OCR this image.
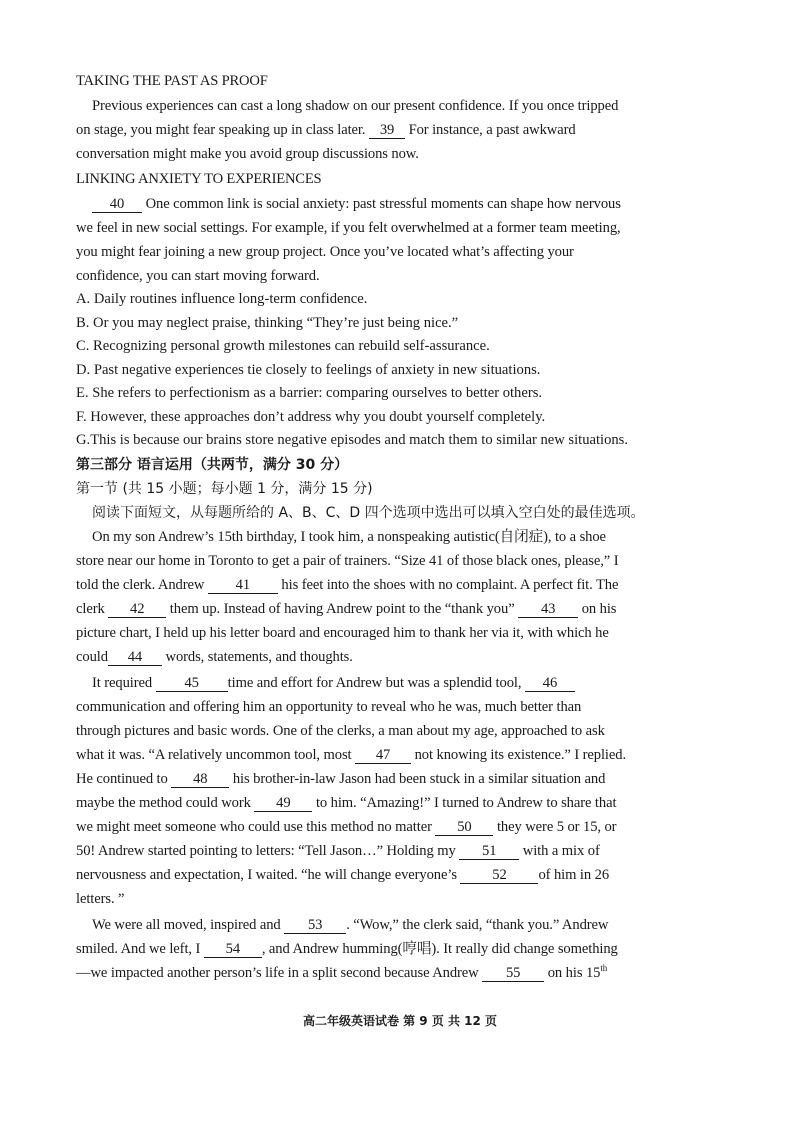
TAKING THE PAST AS PROOF
Previous experiences can cast a long shadow on our present confidence. If you once tripped
on stage, you might fear speaking up in class later. 39 For instance, a past awkward
conversation might make you avoid group discussions now.
LINKING ANXIETY TO EXPERIENCES
40 One common link is social anxiety: past stressful moments can shape how nervous
we feel in new social settings. For example, if you felt overwhelmed at a former team meeting,
you might fear joining a new group project. Once you’ve located what’s affecting your
confidence, you can start moving forward.
A. Daily routines influence long-term confidence.
B. Or you may neglect praise, thinking “They’re just being nice.”
C. Recognizing personal growth milestones can rebuild self-assurance.
D. Past negative experiences tie closely to feelings of anxiety in new situations.
E. She refers to perfectionism as a barrier: comparing ourselves to better others.
F. However, these approaches don’t address why you doubt yourself completely.
G.This is because our brains store negative episodes and match them to similar new situations.
第三部分 语言运用（共两节，满分 30 分）
第一节 (共 15 小题；每小题 1 分，满分 15 分)
阅读下面短文，从每题所给的 A、B、C、D 四个选项中选出可以填入空白处的最佳选项。
On my son Andrew’s 15th birthday, I took him, a nonspeaking autistic(自闭症), to a shoe
store near our home in Toronto to get a pair of trainers. “Size 41 of those black ones, please,” I
told the clerk. Andrew 41 his feet into the shoes with no complaint. A perfect fit. The
clerk 42 them up. Instead of having Andrew point to the “thank you” 43 on his
picture chart, I held up his letter board and encouraged him to thank her via it, with which he
could 44 words, statements, and thoughts.
It required 45 time and effort for Andrew but was a splendid tool, 46
communication and offering him an opportunity to reveal who he was, much better than
through pictures and basic words. One of the clerks, a man about my age, approached to ask
what it was. “A relatively uncommon tool, most 47 not knowing its existence.” I replied.
He continued to 48 his brother-in-law Jason had been stuck in a similar situation and
maybe the method could work 49 to him. “Amazing!” I turned to Andrew to share that
we might meet someone who could use this method no matter 50 they were 5 or 15, or
50! Andrew started pointing to letters: “Tell Jason…” Holding my 51 with a mix of
nervousness and expectation, I waited. “he will change everyone’s 52 of him in 26
letters. ”
We were all moved, inspired and 53 . “Wow,” the clerk said, “thank you.” Andrew
smiled. And we left, I 54 , and Andrew humming(哼唱). It really did change something
—we impacted another person’s life in a split second because Andrew 55 on his 15th
高二年级英语试卷 第 9 页 共 12 页
